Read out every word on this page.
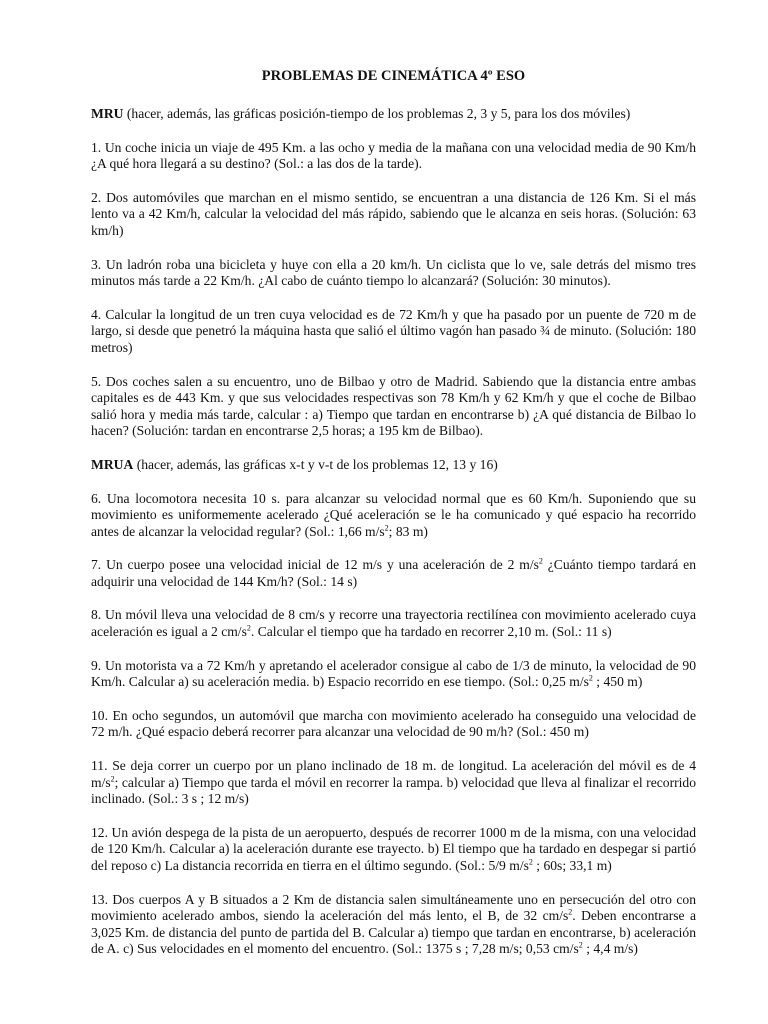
PROBLEMAS DE CINEMÁTICA 4º ESO

MRU (hacer, además, las gráficas posición-tiempo de los problemas 2, 3 y 5, para los dos móviles)

1. Un coche inicia un viaje de 495 Km. a las ocho y media de la mañana con una velocidad media de 90 Km/h ¿A qué hora llegará a su destino? (Sol.: a las dos de la tarde).

2. Dos automóviles que marchan en el mismo sentido, se encuentran a una distancia de 126 Km. Si el más lento va a 42 Km/h, calcular la velocidad del más rápido, sabiendo que le alcanza en seis horas. (Solución: 63 km/h)

3. Un ladrón roba una bicicleta y huye con ella a 20 km/h. Un ciclista que lo ve, sale detrás del mismo tres minutos más tarde a 22 Km/h. ¿Al cabo de cuánto tiempo lo alcanzará? (Solución: 30 minutos).

4. Calcular la longitud de un tren cuya velocidad es de 72 Km/h y que ha pasado por un puente de 720 m de largo, si desde que penetró la máquina hasta que salió el último vagón han pasado ¾ de minuto. (Solución: 180 metros)

5. Dos coches salen a su encuentro, uno de Bilbao y otro de Madrid. Sabiendo que la distancia entre ambas capitales es de 443 Km. y que sus velocidades respectivas son 78 Km/h y 62 Km/h y que el coche de Bilbao salió hora y media más tarde, calcular : a) Tiempo que tardan en encontrarse b) ¿A qué distancia de Bilbao lo hacen? (Solución: tardan en encontrarse 2,5 horas; a 195 km de Bilbao).

MRUA (hacer, además, las gráficas x-t y v-t de los problemas 12, 13 y 16)

6. Una locomotora necesita 10 s. para alcanzar su velocidad normal que es 60 Km/h. Suponiendo que su movimiento es uniformemente acelerado ¿Qué aceleración se le ha comunicado y qué espacio ha recorrido antes de alcanzar la velocidad regular? (Sol.: 1,66 $m/s^2$; 83 m)

7. Un cuerpo posee una velocidad inicial de 12 m/s y una aceleración de 2 $m/s^2$ ¿Cuánto tiempo tardará en adquirir una velocidad de 144 Km/h? (Sol.: 14 s)

8. Un móvil lleva una velocidad de 8 cm/s y recorre una trayectoria rectilínea con movimiento acelerado cuya aceleración es igual a 2 $cm/s^2$. Calcular el tiempo que ha tardado en recorrer 2,10 m. (Sol.: 11 s)

9. Un motorista va a 72 Km/h y apretando el acelerador consigue al cabo de 1/3 de minuto, la velocidad de 90 Km/h. Calcular a) su aceleración media. b) Espacio recorrido en ese tiempo. (Sol.: 0,25 $m/s^2$ ; 450 m)

10. En ocho segundos, un automóvil que marcha con movimiento acelerado ha conseguido una velocidad de 72 m/h. ¿Qué espacio deberá recorrer para alcanzar una velocidad de 90 m/h? (Sol.: 450 m)

11. Se deja correr un cuerpo por un plano inclinado de 18 m. de longitud. La aceleración del móvil es de 4 $m/s^2$; calcular a) Tiempo que tarda el móvil en recorrer la rampa. b) velocidad que lleva al finalizar el recorrido inclinado. (Sol.: 3 s ; 12 m/s)

12. Un avión despega de la pista de un aeropuerto, después de recorrer 1000 m de la misma, con una velocidad de 120 Km/h. Calcular a) la aceleración durante ese trayecto. b) El tiempo que ha tardado en despegar si partió del reposo c) La distancia recorrida en tierra en el último segundo. (Sol.: 5/9 $m/s^2$ ; 60s; 33,1 m)

13. Dos cuerpos A y B situados a 2 Km de distancia salen simultáneamente uno en persecución del otro con movimiento acelerado ambos, siendo la aceleración del más lento, el B, de 32 $cm/s^2$. Deben encontrarse a 3,025 Km. de distancia del punto de partida del B. Calcular a) tiempo que tardan en encontrarse, b) aceleración de A. c) Sus velocidades en el momento del encuentro. (Sol.: 1375 s ; 7,28 m/s; 0,53 $cm/s^2$ ; 4,4 m/s)
